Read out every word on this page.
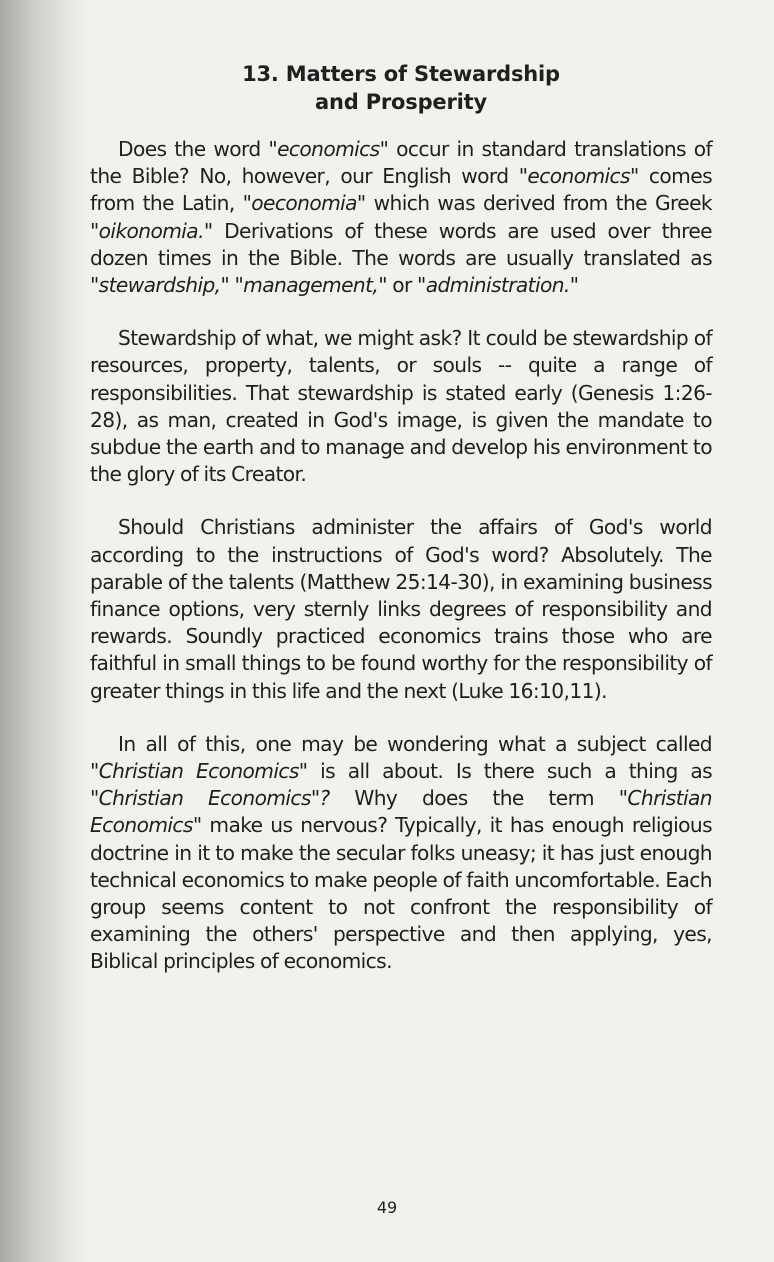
13. Matters of Stewardship
and Prosperity

Does the word "economics" occur in standard translations of the Bible? No, however, our English word "economics" comes from the Latin, "oeconomia" which was derived from the Greek "oikonomia." Derivations of these words are used over three dozen times in the Bible. The words are usually translated as "stewardship," "management," or "administration."

Stewardship of what, we might ask? It could be stewardship of resources, property, talents, or souls -- quite a range of responsibilities. That stewardship is stated early (Genesis 1:26-28), as man, created in God's image, is given the mandate to subdue the earth and to manage and develop his environment to the glory of its Creator.

Should Christians administer the affairs of God's world according to the instructions of God's word? Absolutely. The parable of the talents (Matthew 25:14-30), in examining business finance options, very sternly links degrees of responsibility and rewards. Soundly practiced economics trains those who are faithful in small things to be found worthy for the responsibility of greater things in this life and the next (Luke 16:10,11).

In all of this, one may be wondering what a subject called "Christian Economics" is all about. Is there such a thing as "Christian Economics"? Why does the term "Christian Economics" make us nervous? Typically, it has enough religious doctrine in it to make the secular folks uneasy; it has just enough technical economics to make people of faith uncomfortable. Each group seems content to not confront the responsibility of examining the others' perspective and then applying, yes, Biblical principles of economics.

49
